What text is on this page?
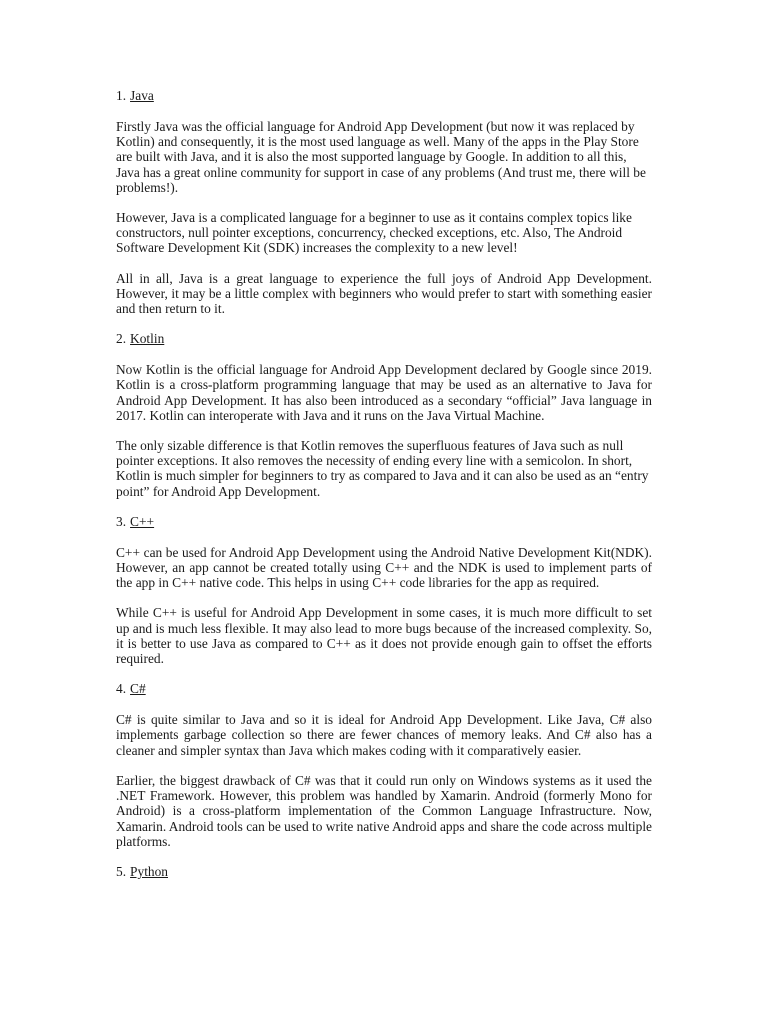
1. Java

Firstly Java was the official language for Android App Development (but now it was replaced by Kotlin) and consequently, it is the most used language as well. Many of the apps in the Play Store are built with Java, and it is also the most supported language by Google. In addition to all this, Java has a great online community for support in case of any problems (And trust me, there will be problems!).

However, Java is a complicated language for a beginner to use as it contains complex topics like constructors, null pointer exceptions, concurrency, checked exceptions, etc. Also, The Android Software Development Kit (SDK) increases the complexity to a new level!

All in all, Java is a great language to experience the full joys of Android App Development. However, it may be a little complex with beginners who would prefer to start with something easier and then return to it.

2. Kotlin

Now Kotlin is the official language for Android App Development declared by Google since 2019. Kotlin is a cross-platform programming language that may be used as an alternative to Java for Android App Development. It has also been introduced as a secondary “official” Java language in 2017. Kotlin can interoperate with Java and it runs on the Java Virtual Machine.

The only sizable difference is that Kotlin removes the superfluous features of Java such as null pointer exceptions. It also removes the necessity of ending every line with a semicolon. In short, Kotlin is much simpler for beginners to try as compared to Java and it can also be used as an “entry point” for Android App Development.

3. C++

C++ can be used for Android App Development using the Android Native Development Kit(NDK). However, an app cannot be created totally using C++ and the NDK is used to implement parts of the app in C++ native code. This helps in using C++ code libraries for the app as required.

While C++ is useful for Android App Development in some cases, it is much more difficult to set up and is much less flexible. It may also lead to more bugs because of the increased complexity. So, it is better to use Java as compared to C++ as it does not provide enough gain to offset the efforts required.

4. C#

C# is quite similar to Java and so it is ideal for Android App Development. Like Java, C# also implements garbage collection so there are fewer chances of memory leaks. And C# also has a cleaner and simpler syntax than Java which makes coding with it comparatively easier.

Earlier, the biggest drawback of C# was that it could run only on Windows systems as it used the .NET Framework. However, this problem was handled by Xamarin. Android (formerly Mono for Android) is a cross-platform implementation of the Common Language Infrastructure. Now, Xamarin. Android tools can be used to write native Android apps and share the code across multiple platforms.

5. Python
